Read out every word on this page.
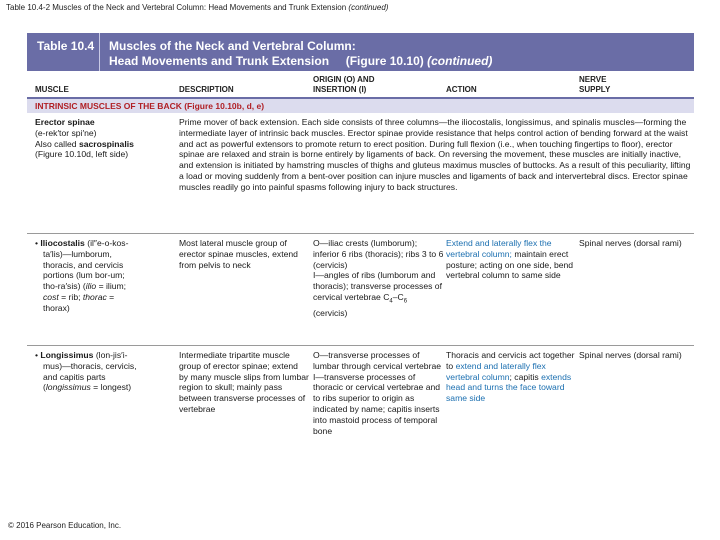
Table 10.4-2 Muscles of the Neck and Vertebral Column: Head Movements and Trunk Extension (continued)
Table 10.4 Muscles of the Neck and Vertebral Column:
Head Movements and Trunk Extension (Figure 10.10) (continued)
MUSCLE	DESCRIPTION
ORIGIN (O) AND
INSERTION (I)	ACTION
NERVE
SUPPLY
INTRINSIC MUSCLES OF THE BACK (Figure 10.10b, d, e)
Erector spinae
(e-rek′tor spi′ne)
Also called sacrospinalis
(Figure 10.10d, left side)
Prime mover of back extension. Each side consists of three columns—the iliocostalis, longissimus, and spinalis muscles—forming the intermediate layer of intrinsic back muscles. Erector spinae provide resistance that helps control action of bending forward at the waist and act as powerful extensors to promote return to erect position. During full flexion (i.e., when touching fingertips to floor), erector spinae are relaxed and strain is borne entirely by ligaments of back. On reversing the movement, these muscles are initially inactive, and extension is initiated by hamstring muscles of thighs and gluteus maximus muscles of buttocks. As a result of this peculiarity, lifting a load or moving suddenly from a bent-over position can injure muscles and ligaments of back and intervertebral discs. Erector spinae muscles readily go into painful spasms following injury to back structures.
• Iliocostalis (il″e-o-kos-
ta′lis)—lumborum,
thoracis, and cervicis
portions (lum bor-um;
tho-ra′sis) (ilio = ilium;
cost = rib; thorac =
thorax)
Most lateral muscle group of erector spinae muscles, extend from pelvis to neck
O—iliac crests (lumborum); inferior 6 ribs (thoracis); ribs 3 to 6 (cervicis)
I—angles of ribs (lumborum and thoracis); transverse processes of cervical vertebrae $C_4-C_6$
(cervicis)
Extend and laterally flex the vertebral column; maintain erect posture; acting on one side, bend vertebral column to same side
Spinal nerves (dorsal rami)
• Longissimus (lon-jis′i-
mus)—thoracis, cervicis,
and capitis parts
(longissimus = longest)
Intermediate tripartite muscle group of erector spinae; extend by many muscle slips from lumbar region to skull; mainly pass between transverse processes of vertebrae
O—transverse processes of lumbar through cervical vertebrae
I—transverse processes of thoracic or cervical vertebrae and to ribs superior to origin as indicated by name; capitis inserts into mastoid process of temporal bone
Thoracis and cervicis act together to extend and laterally flex vertebral column; capitis extends head and turns the face toward same side
Spinal nerves (dorsal rami)
© 2016 Pearson Education, Inc.
